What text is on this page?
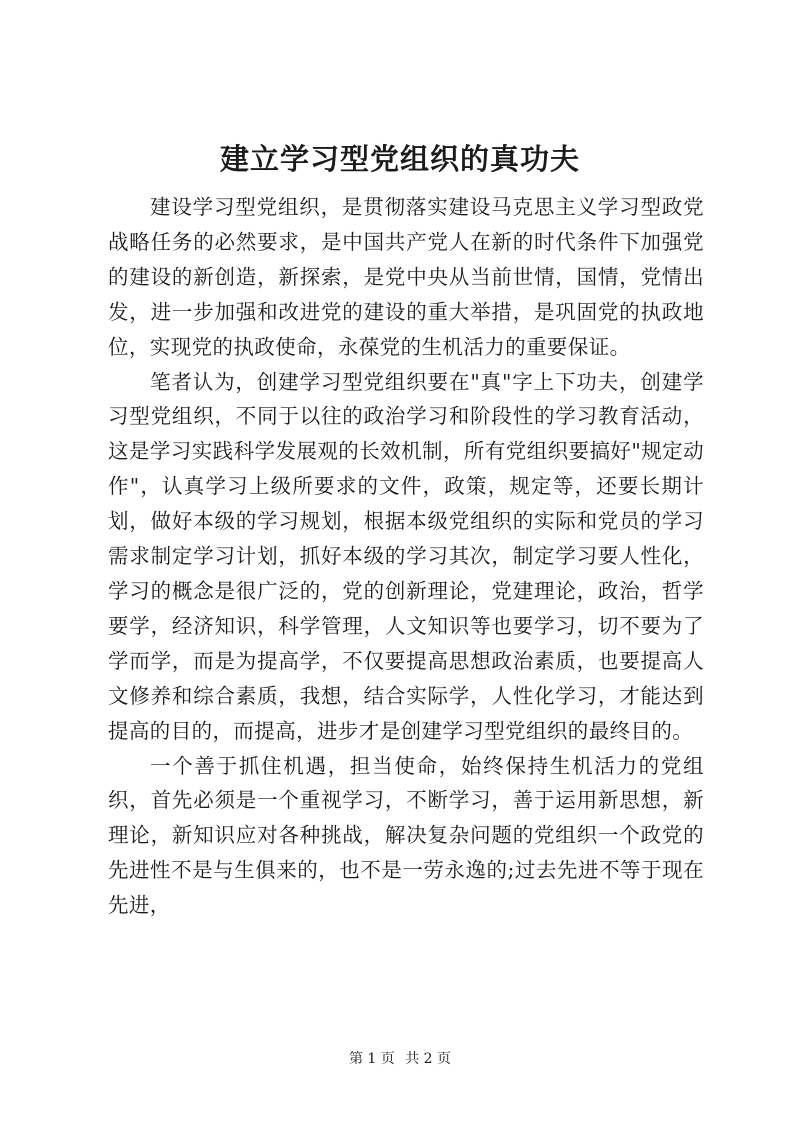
建立学习型党组织的真功夫

建设学习型党组织，是贯彻落实建设马克思主义学习型政党战略任务的必然要求，是中国共产党人在新的时代条件下加强党的建设的新创造，新探索，是党中央从当前世情，国情，党情出发，进一步加强和改进党的建设的重大举措，是巩固党的执政地位，实现党的执政使命，永葆党的生机活力的重要保证。

笔者认为，创建学习型党组织要在"真"字上下功夫，创建学习型党组织，不同于以往的政治学习和阶段性的学习教育活动，这是学习实践科学发展观的长效机制，所有党组织要搞好"规定动作"，认真学习上级所要求的文件，政策，规定等，还要长期计划，做好本级的学习规划，根据本级党组织的实际和党员的学习需求制定学习计划，抓好本级的学习其次，制定学习要人性化，学习的概念是很广泛的，党的创新理论，党建理论，政治，哲学要学，经济知识，科学管理，人文知识等也要学习，切不要为了学而学，而是为提高学，不仅要提高思想政治素质，也要提高人文修养和综合素质，我想，结合实际学，人性化学习，才能达到提高的目的，而提高，进步才是创建学习型党组织的最终目的。

一个善于抓住机遇，担当使命，始终保持生机活力的党组织，首先必须是一个重视学习，不断学习，善于运用新思想，新理论，新知识应对各种挑战，解决复杂问题的党组织一个政党的先进性不是与生俱来的，也不是一劳永逸的;过去先进不等于现在先进，

第 1 页 共 2 页
